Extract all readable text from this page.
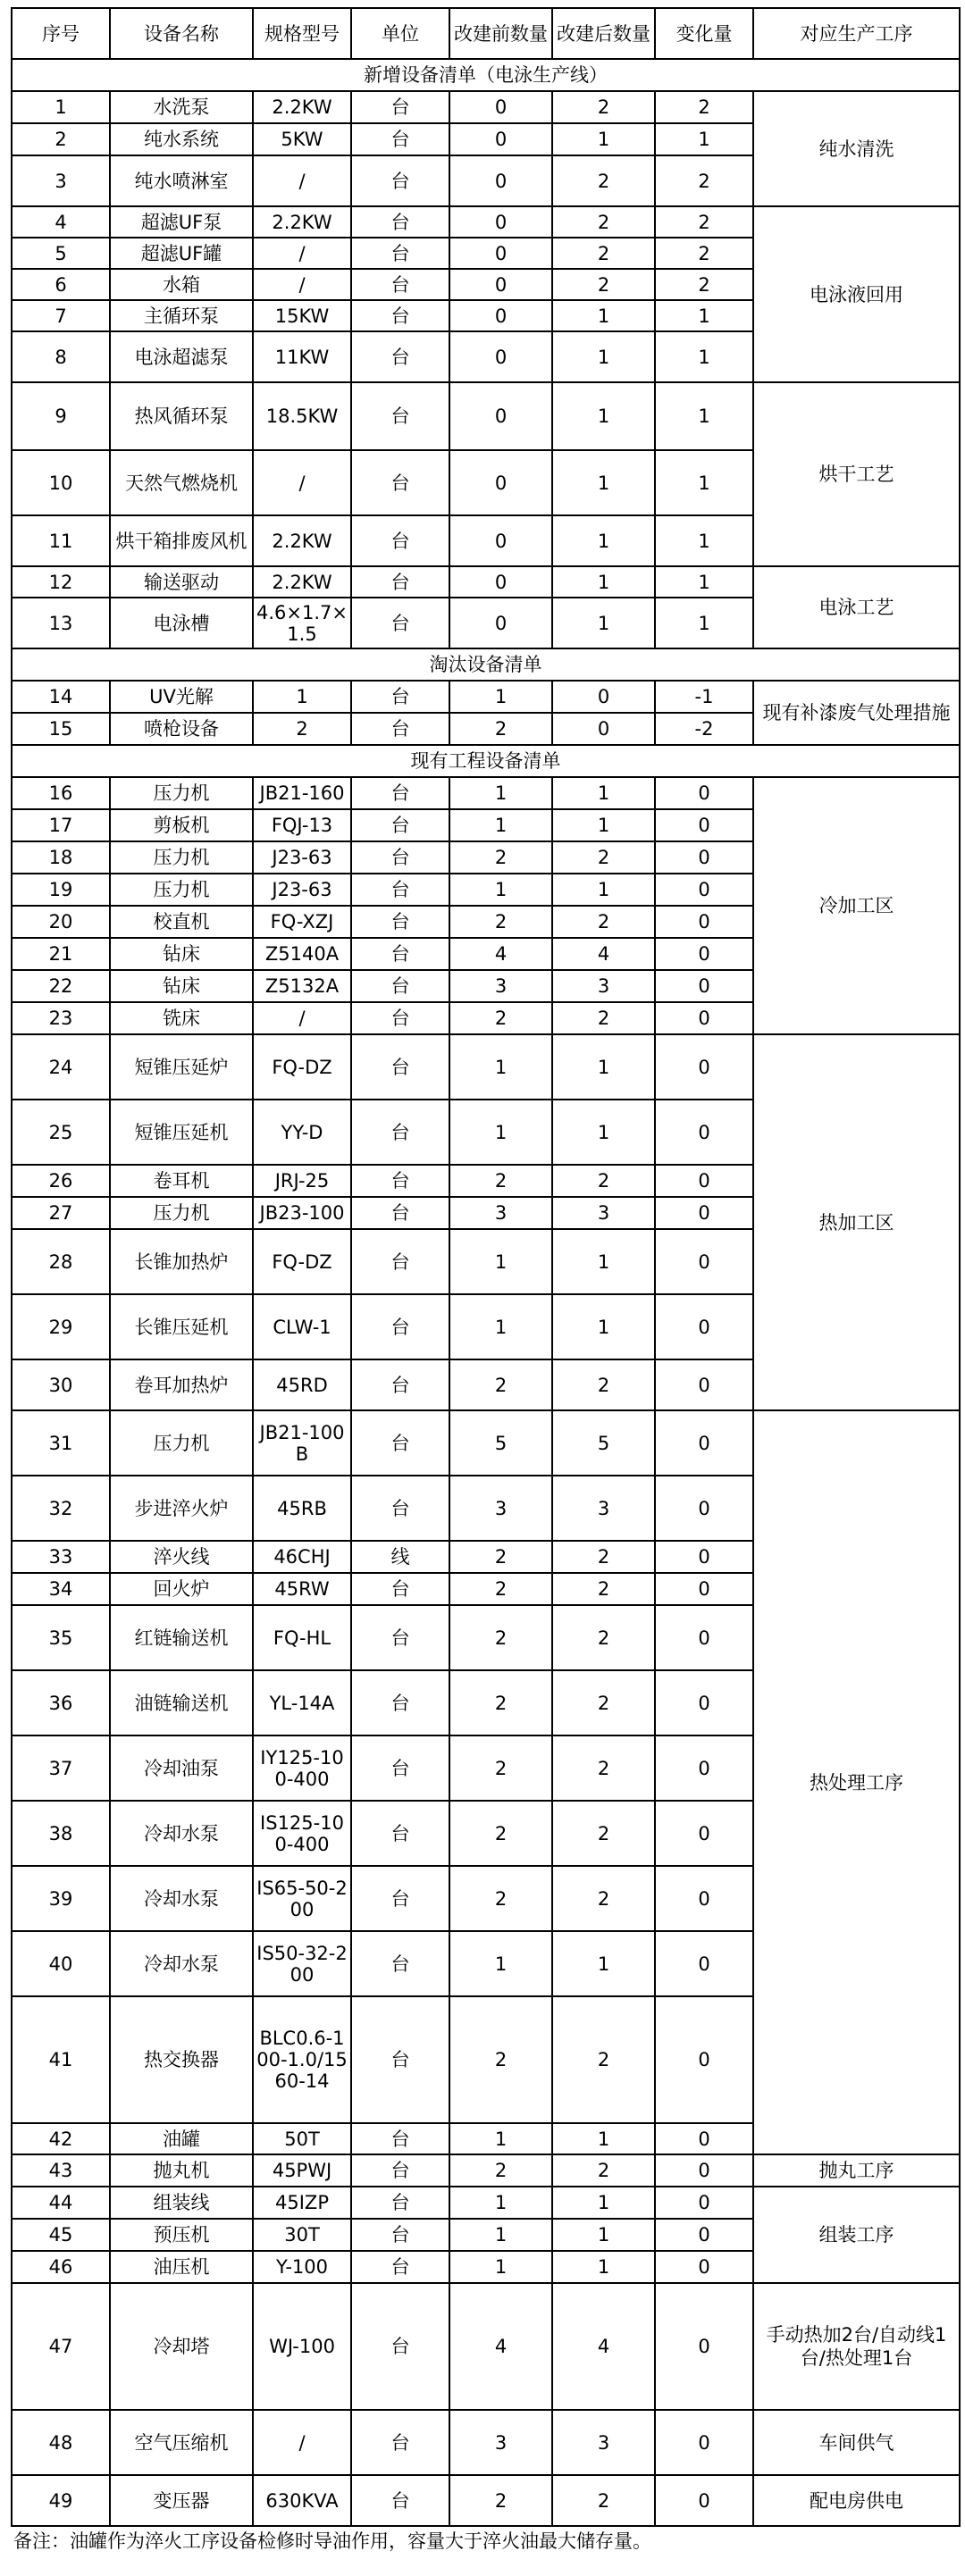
序号	设备名称	规格型号	单位	改建前数量	改建后数量	变化量	对应生产工序
新增设备清单（电泳生产线）							
1	水洗泵	2.2KW	台	0	2	2	纯水清洗
2	纯水系统	5KW	台	0	1	1	
3	纯水喷淋室	/	台	0	2	2	
4	超滤UF泵	2.2KW	台	0	2	2	电泳液回用
5	超滤UF罐	/	台	0	2	2	
6	水箱	/	台	0	2	2	
7	主循环泵	15KW	台	0	1	1	
8	电泳超滤泵	11KW	台	0	1	1	
9	热风循环泵	18.5KW	台	0	1	1	烘干工艺
10	天然气燃烧机	/	台	0	1	1	
11	烘干箱排废风机	2.2KW	台	0	1	1	
12	输送驱动	2.2KW	台	0	1	1	电泳工艺
13	电泳槽	4.6×1.7×1.5	台	0	1	1	
淘汰设备清单							
14	UV光解	1	台	1	0	-1	现有补漆废气处理措施
15	喷枪设备	2	台	2	0	-2	
现有工程设备清单							
16	压力机	JB21-160	台	1	1	0	冷加工区
17	剪板机	FQJ-13	台	1	1	0	
18	压力机	J23-63	台	2	2	0	
19	压力机	J23-63	台	1	1	0	
20	校直机	FQ-XZJ	台	2	2	0	
21	钻床	Z5140A	台	4	4	0	
22	钻床	Z5132A	台	3	3	0	
23	铣床	/	台	2	2	0	
24	短锥压延炉	FQ-DZ	台	1	1	0	热加工区
25	短锥压延机	YY-D	台	1	1	0	
26	卷耳机	JRJ-25	台	2	2	0	
27	压力机	JB23-100	台	3	3	0	
28	长锥加热炉	FQ-DZ	台	1	1	0	
29	长锥压延机	CLW-1	台	1	1	0	
30	卷耳加热炉	45RD	台	2	2	0	
31	压力机	JB21-100B	台	5	5	0	热处理工序
32	步进淬火炉	45RB	台	3	3	0	
33	淬火线	46CHJ	线	2	2	0	
34	回火炉	45RW	台	2	2	0	
35	红链输送机	FQ-HL	台	2	2	0	
36	油链输送机	YL-14A	台	2	2	0	
37	冷却油泵	IY125-100-400	台	2	2	0	
38	冷却水泵	IS125-100-400	台	2	2	0	
39	冷却水泵	IS65-50-200	台	2	2	0	
40	冷却水泵	IS50-32-200	台	1	1	0	
41	热交换器	BLC0.6-100-1.0/1560-14	台	2	2	0	
42	油罐	50T	台	1	1	0	
43	抛丸机	45PWJ	台	2	2	0	抛丸工序
44	组装线	45IZP	台	1	1	0	组装工序
45	预压机	30T	台	1	1	0	
46	油压机	Y-100	台	1	1	0	
47	冷却塔	WJ-100	台	4	4	0	手动热加2台/自动线1台/热处理1台
48	空气压缩机	/	台	3	3	0	车间供气
49	变压器	630KVA	台	2	2	0	配电房供电
备注：油罐作为淬火工序设备检修时导油作用，容量大于淬火油最大储存量。							
